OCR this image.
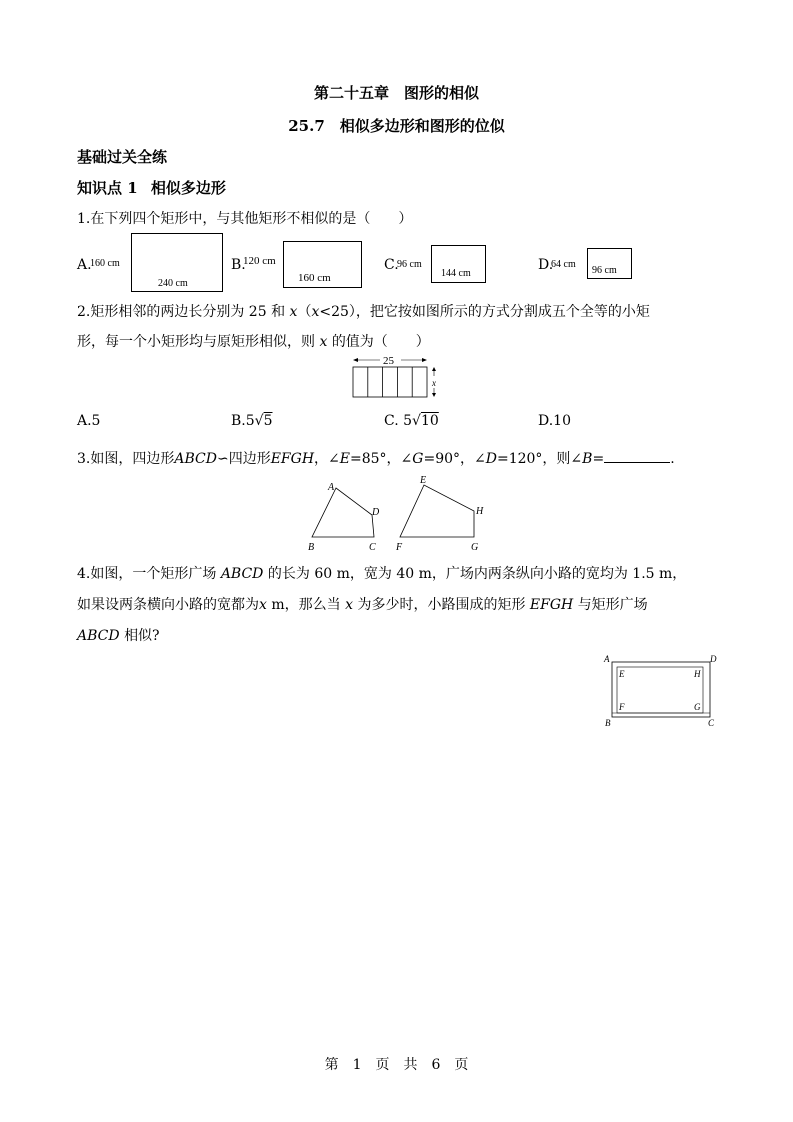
第二十五章　图形的相似
25.7　相似多边形和图形的位似
基础过关全练
知识点 1 相似多边形
1.在下列四个矩形中，与其他矩形不相似的是（　　）
A.
160 cm
240 cm
B.
120 cm
160 cm
C.
96 cm
144 cm
D.
64 cm
96 cm
2.矩形相邻的两边长分别为 25 和 x（x<25），把它按如图所示的方式分割成五个全等的小矩
形，每一个小矩形均与原矩形相似，则 x 的值为（　　）
25
x
A.5	B.5√5	C. 5√10	D.10
3.如图，四边形ABCD∽四边形EFGH，∠E=85°，∠G=90°，∠D=120°，则∠B=	.
A
B	C
D
E
F	G
H
4.如图，一个矩形广场 ABCD 的长为 60 m，宽为 40 m，广场内两条纵向小路的宽均为 1.5 m，
如果设两条横向小路的宽都为x m，那么当 x 为多少时，小路围成的矩形 EFGH 与矩形广场
ABCD 相似?
A
B	C
D
E
F	G
H
第　1　页　共　6　页
